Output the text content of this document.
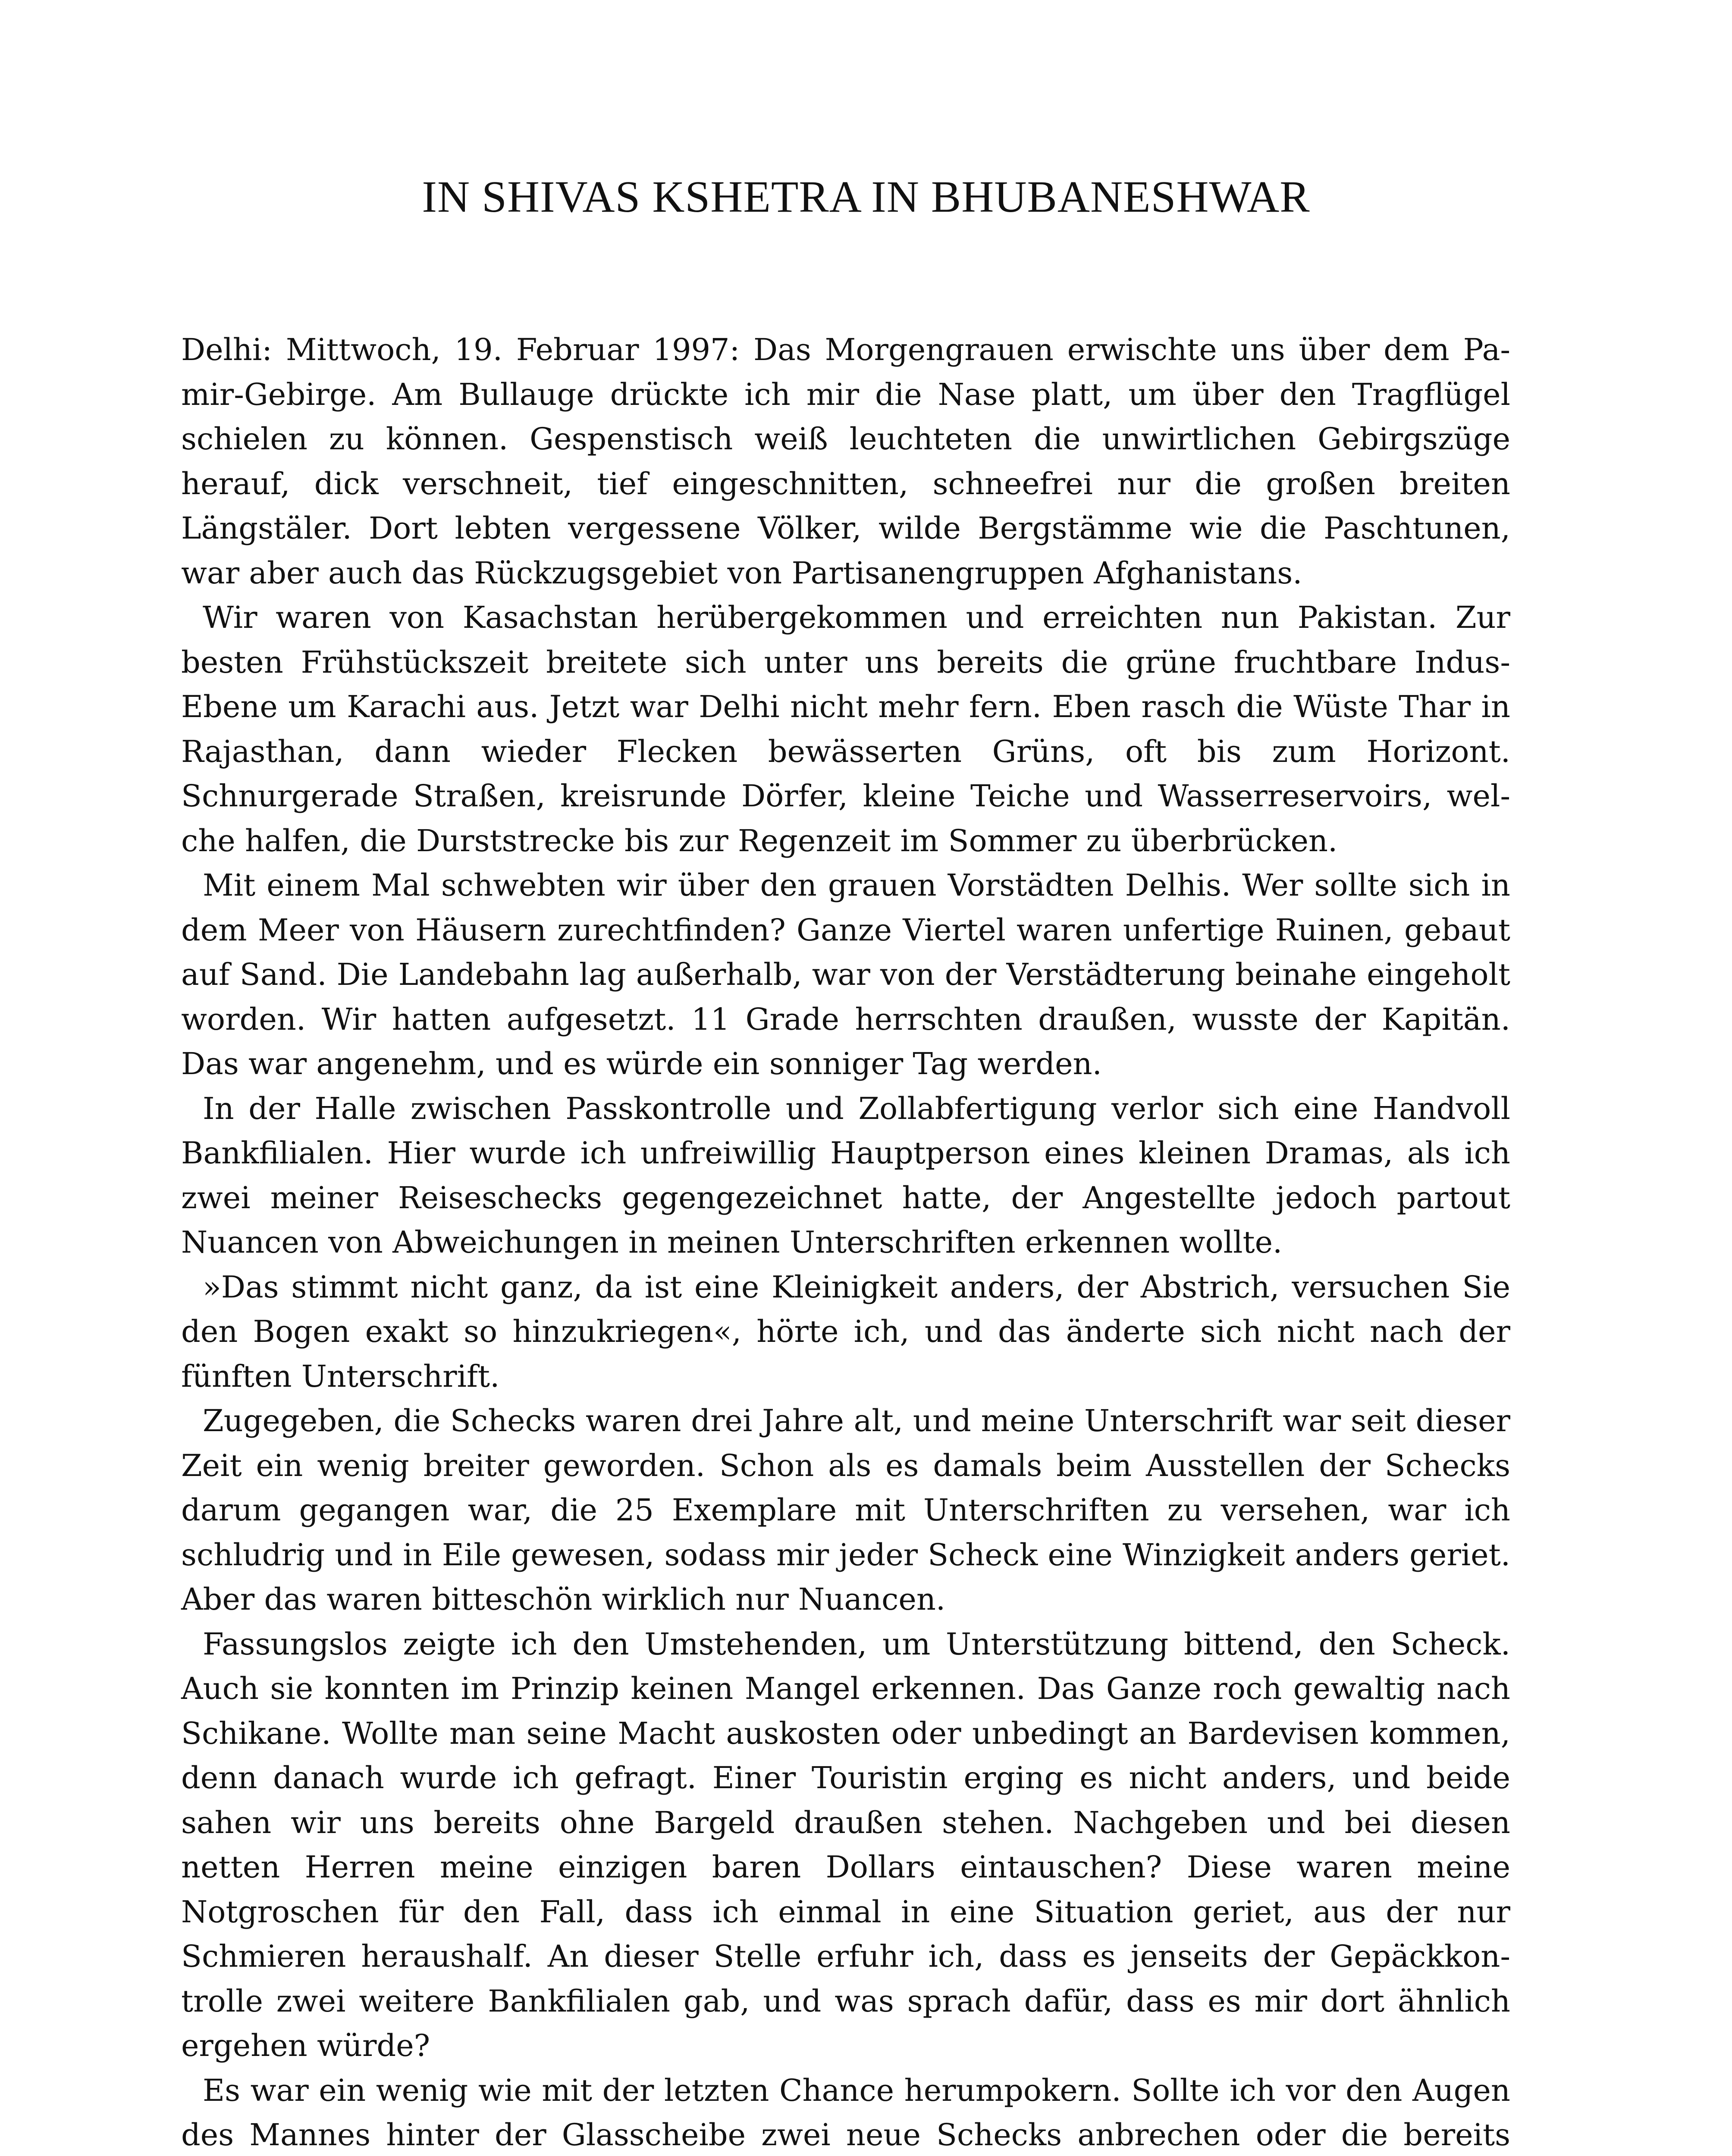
IN SHIVAS KSHETRA IN BHUBANESHWAR

Delhi: Mittwoch, 19. Februar 1997: Das Morgengrauen erwischte uns über dem Pamir-Gebirge. Am Bullauge drückte ich mir die Nase platt, um über den Tragflügel schielen zu können. Gespenstisch weiß leuchteten die unwirtlichen Gebirgszüge herauf, dick verschneit, tief eingeschnitten, schneefrei nur die großen breiten Längstäler. Dort lebten vergessene Völker, wilde Bergstämme wie die Paschtunen, war aber auch das Rückzugsgebiet von Partisanengruppen Afghanistans.

Wir waren von Kasachstan herübergekommen und erreichten nun Pakistan. Zur besten Frühstückszeit breitete sich unter uns bereits die grüne fruchtbare Indus-Ebene um Karachi aus. Jetzt war Delhi nicht mehr fern. Eben rasch die Wüste Thar in Rajasthan, dann wieder Flecken bewässerten Grüns, oft bis zum Horizont. Schnurgerade Straßen, kreisrunde Dörfer, kleine Teiche und Wasserreservoirs, welche halfen, die Durststrecke bis zur Regenzeit im Sommer zu überbrücken.

Mit einem Mal schwebten wir über den grauen Vorstädten Delhis. Wer sollte sich in dem Meer von Häusern zurechtfinden? Ganze Viertel waren unfertige Ruinen, gebaut auf Sand. Die Landebahn lag außerhalb, war von der Verstädterung beinahe eingeholt worden. Wir hatten aufgesetzt. 11 Grade herrschten draußen, wusste der Kapitän. Das war angenehm, und es würde ein sonniger Tag werden.

In der Halle zwischen Passkontrolle und Zollabfertigung verlor sich eine Handvoll Bankfilialen. Hier wurde ich unfreiwillig Hauptperson eines kleinen Dramas, als ich zwei meiner Reiseschecks gegengezeichnet hatte, der Angestellte jedoch partout Nuancen von Abweichungen in meinen Unterschriften erkennen wollte.

»Das stimmt nicht ganz, da ist eine Kleinigkeit anders, der Abstrich, versuchen Sie den Bogen exakt so hinzukriegen«, hörte ich, und das änderte sich nicht nach der fünften Unterschrift.

Zugegeben, die Schecks waren drei Jahre alt, und meine Unterschrift war seit dieser Zeit ein wenig breiter geworden. Schon als es damals beim Ausstellen der Schecks darum gegangen war, die 25 Exemplare mit Unterschriften zu versehen, war ich schludrig und in Eile gewesen, sodass mir jeder Scheck eine Winzigkeit anders geriet. Aber das waren bitteschön wirklich nur Nuancen.

Fassungslos zeigte ich den Umstehenden, um Unterstützung bittend, den Scheck. Auch sie konnten im Prinzip keinen Mangel erkennen. Das Ganze roch gewaltig nach Schikane. Wollte man seine Macht auskosten oder unbedingt an Bardevisen kommen, denn danach wurde ich gefragt. Einer Touristin erging es nicht anders, und beide sahen wir uns bereits ohne Bargeld draußen stehen. Nachgeben und bei diesen netten Herren meine einzigen baren Dollars eintauschen? Diese waren meine Notgroschen für den Fall, dass ich einmal in eine Situation geriet, aus der nur Schmieren heraushalf. An dieser Stelle erfuhr ich, dass es jenseits der Gepäckkontrolle zwei weitere Bankfilialen gab, und was sprach dafür, dass es mir dort ähnlich ergehen würde?

Es war ein wenig wie mit der letzten Chance herumpokern. Sollte ich vor den Augen des Mannes hinter der Glasscheibe zwei neue Schecks anbrechen oder die bereits
